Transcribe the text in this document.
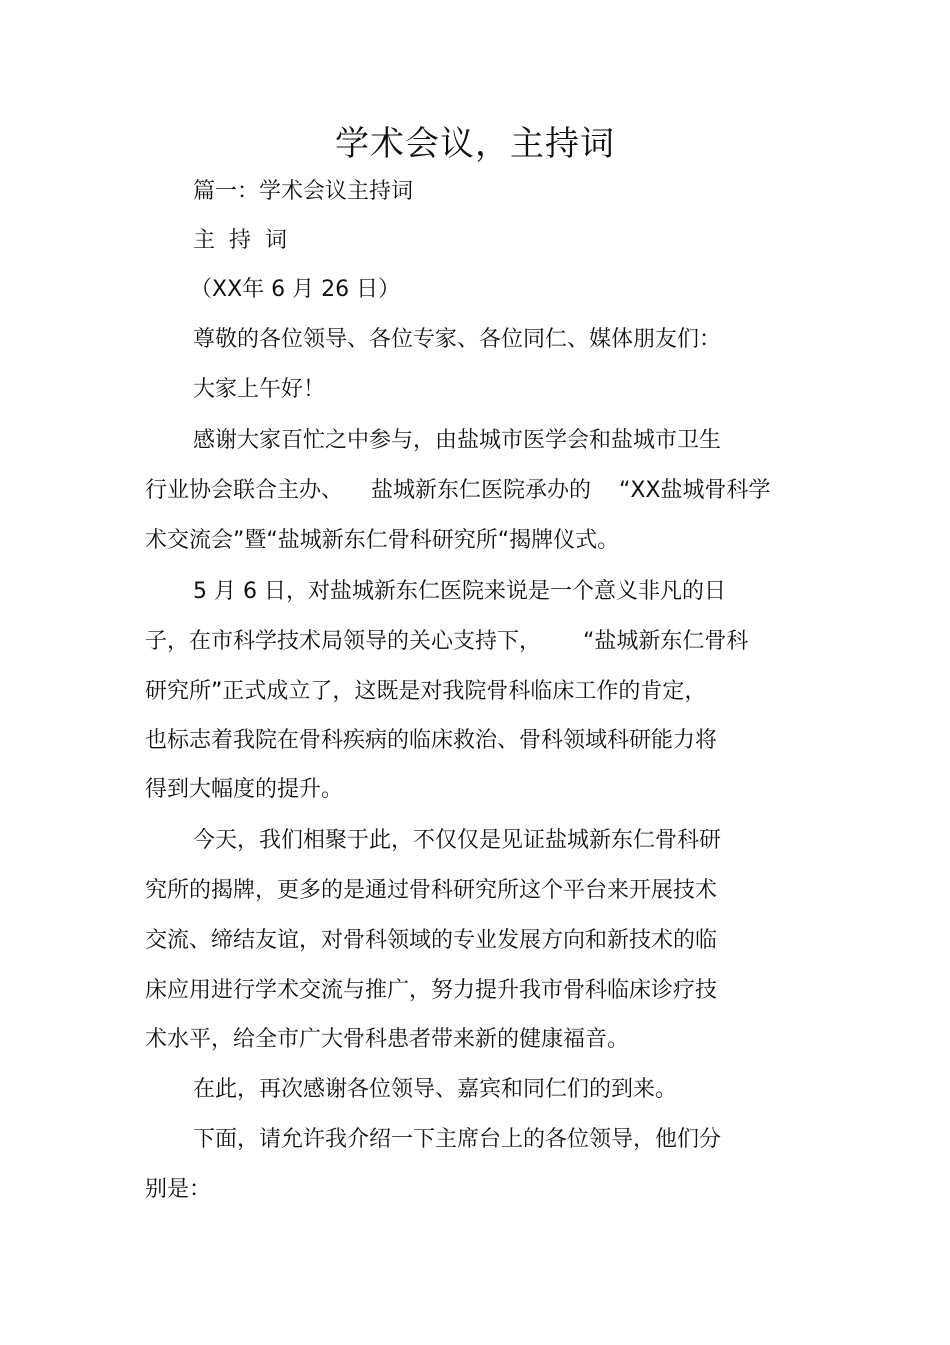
学术会议，主持词
篇一：学术会议主持词
主  持  词
（XX年 6 月 26 日）
尊敬的各位领导、各位专家、各位同仁、媒体朋友们：
大家上午好！
感谢大家百忙之中参与，由盐城市医学会和盐城市卫生
行业协会联合主办、    盐城新东仁医院承办的    “XX盐城骨科学
术交流会”暨“盐城新东仁骨科研究所“揭牌仪式。
5 月 6 日，对盐城新东仁医院来说是一个意义非凡的日
子，在市科学技术局领导的关心支持下，      “盐城新东仁骨科
研究所”正式成立了，这既是对我院骨科临床工作的肯定，
也标志着我院在骨科疾病的临床救治、骨科领域科研能力将
得到大幅度的提升。
今天，我们相聚于此，不仅仅是见证盐城新东仁骨科研
究所的揭牌，更多的是通过骨科研究所这个平台来开展技术
交流、缔结友谊，对骨科领域的专业发展方向和新技术的临
床应用进行学术交流与推广，努力提升我市骨科临床诊疗技
术水平，给全市广大骨科患者带来新的健康福音。
在此，再次感谢各位领导、嘉宾和同仁们的到来。
下面，请允许我介绍一下主席台上的各位领导，他们分
别是：
